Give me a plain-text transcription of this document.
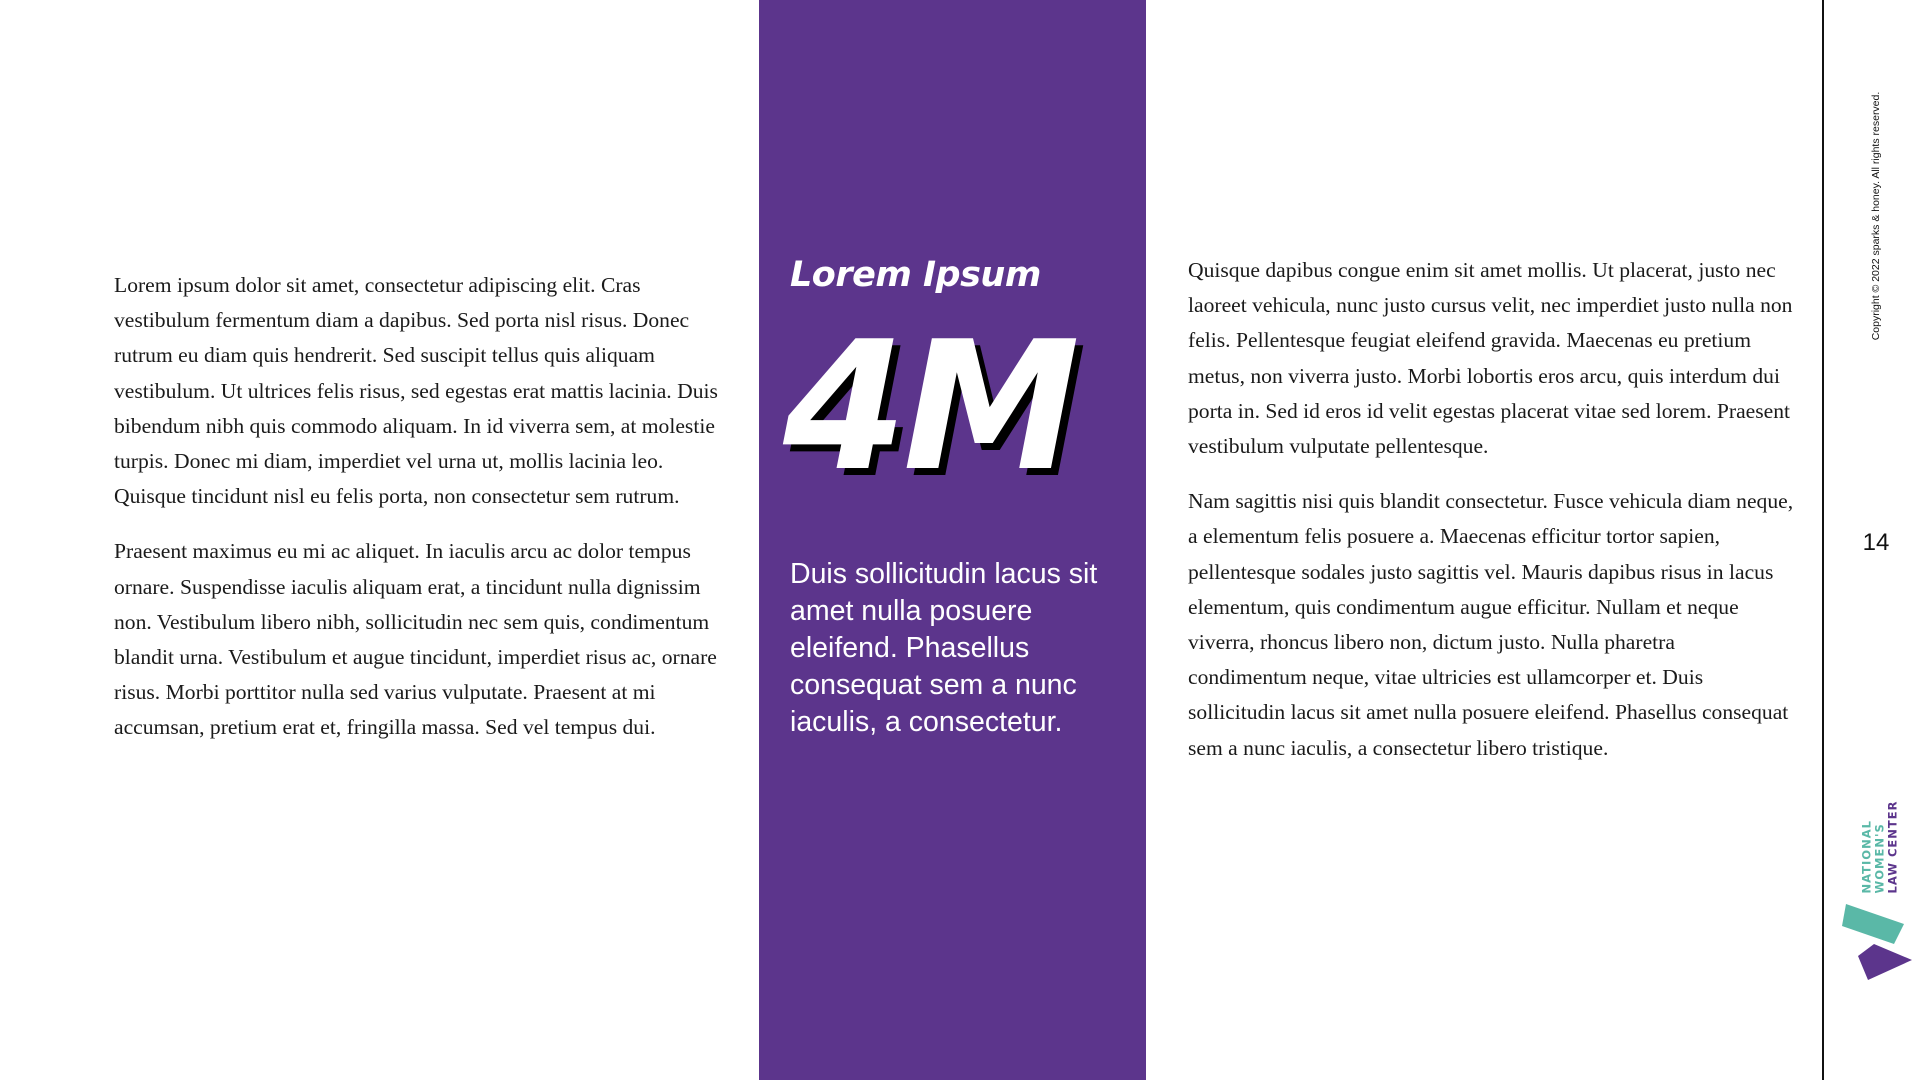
Lorem ipsum dolor sit amet, consectetur adipiscing elit. Cras vestibulum fermentum diam a dapibus. Sed porta nisl risus. Donec rutrum eu diam quis hendrerit. Sed suscipit tellus quis aliquam vestibulum. Ut ultrices felis risus, sed egestas erat mattis lacinia. Duis bibendum nibh quis commodo aliquam. In id viverra sem, at molestie turpis. Donec mi diam, imperdiet vel urna ut, mollis lacinia leo. Quisque tincidunt nisl eu felis porta, non consectetur sem rutrum.

Praesent maximus eu mi ac aliquet. In iaculis arcu ac dolor tempus ornare. Suspendisse iaculis aliquam erat, a tincidunt nulla dignissim non. Vestibulum libero nibh, sollicitudin nec sem quis, condimentum blandit urna. Vestibulum et augue tincidunt, imperdiet risus ac, ornare risus. Morbi porttitor nulla sed varius vulputate. Praesent at mi accumsan, pretium erat et, fringilla massa. Sed vel tempus dui.

Lorem Ipsum
4M
Duis sollicitudin lacus sit amet nulla posuere eleifend. Phasellus consequat sem a nunc iaculis, a consectetur.

Quisque dapibus congue enim sit amet mollis. Ut placerat, justo nec laoreet vehicula, nunc justo cursus velit, nec imperdiet justo nulla non felis. Pellentesque feugiat eleifend gravida. Maecenas eu pretium metus, non viverra justo. Morbi lobortis eros arcu, quis interdum dui porta in. Sed id eros id velit egestas placerat vitae sed lorem. Praesent vestibulum vulputate pellentesque.

Nam sagittis nisi quis blandit consectetur. Fusce vehicula diam neque, a elementum felis posuere a. Maecenas efficitur tortor sapien, pellentesque sodales justo sagittis vel. Mauris dapibus risus in lacus elementum, quis condimentum augue efficitur. Nullam et neque viverra, rhoncus libero non, dictum justo. Nulla pharetra condimentum neque, vitae ultricies est ullamcorper et. Duis sollicitudin lacus sit amet nulla posuere eleifend. Phasellus consequat sem a nunc iaculis, a consectetur libero tristique.

Copyright © 2022 sparks & honey. All rights reserved.
14
NATIONAL WOMEN'S LAW CENTER
